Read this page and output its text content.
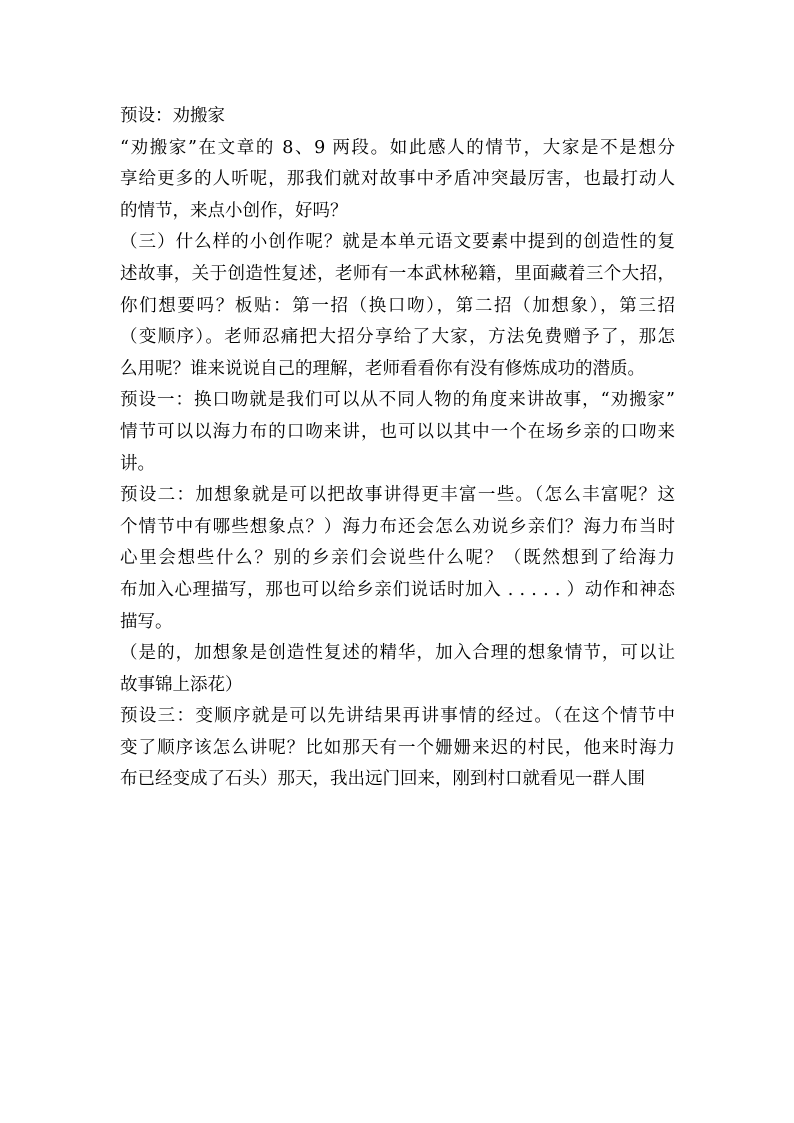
预设：劝搬家

“劝搬家”在文章的 8、9 两段。如此感人的情节，大家是不是想分
享给更多的人听呢，那我们就对故事中矛盾冲突最厉害，也最打动人
的情节，来点小创作，好吗？

（三）什么样的小创作呢？就是本单元语文要素中提到的创造性的复
述故事，关于创造性复述，老师有一本武林秘籍，里面藏着三个大招，
你们想要吗？板贴：第一招（换口吻），第二招（加想象），第三招
（变顺序）。老师忍痛把大招分享给了大家，方法免费赠予了，那怎
么用呢？谁来说说自己的理解，老师看看你有没有修炼成功的潜质。

预设一：换口吻就是我们可以从不同人物的角度来讲故事，“劝搬家”
情节可以以海力布的口吻来讲，也可以以其中一个在场乡亲的口吻来
讲。

预设二：加想象就是可以把故事讲得更丰富一些。（怎么丰富呢？这
个情节中有哪些想象点？）海力布还会怎么劝说乡亲们？海力布当时
心里会想些什么？别的乡亲们会说些什么呢？（既然想到了给海力
布加入心理描写，那也可以给乡亲们说话时加入 . . . . . ）动作和神态
描写。

（是的，加想象是创造性复述的精华，加入合理的想象情节，可以让
故事锦上添花）

预设三：变顺序就是可以先讲结果再讲事情的经过。（在这个情节中
变了顺序该怎么讲呢？比如那天有一个姗姗来迟的村民，他来时海力
布已经变成了石头）那天，我出远门回来，刚到村口就看见一群人围
